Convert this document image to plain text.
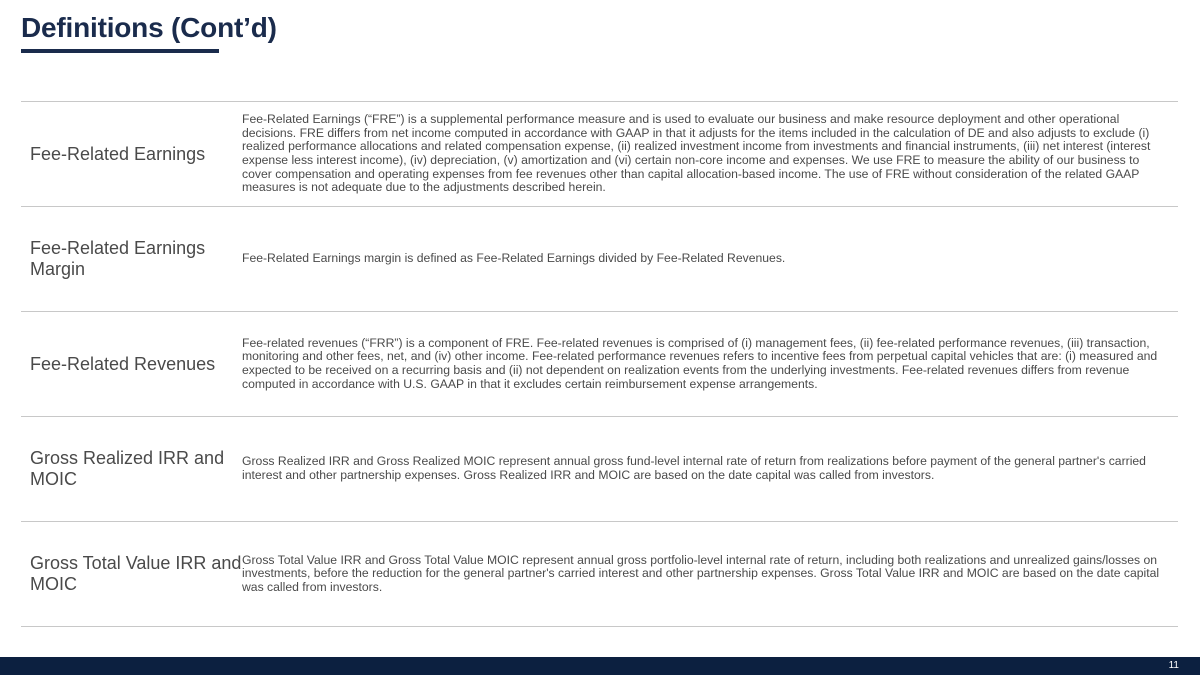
Definitions (Cont’d)
Fee-Related Earnings
Fee-Related Earnings (“FRE”) is a supplemental performance measure and is used to evaluate our business and make resource deployment and other operational decisions. FRE differs from net income computed in accordance with GAAP in that it adjusts for the items included in the calculation of DE and also adjusts to exclude (i) realized performance allocations and related compensation expense, (ii) realized investment income from investments and financial instruments, (iii) net interest (interest expense less interest income), (iv) depreciation, (v) amortization and (vi) certain non-core income and expenses. We use FRE to measure the ability of our business to cover compensation and operating expenses from fee revenues other than capital allocation-based income. The use of FRE without consideration of the related GAAP measures is not adequate due to the adjustments described herein.
Fee-Related Earnings Margin
Fee-Related Earnings margin is defined as Fee-Related Earnings divided by Fee-Related Revenues.
Fee-Related Revenues
Fee-related revenues (“FRR”) is a component of FRE. Fee-related revenues is comprised of (i) management fees, (ii) fee-related performance revenues, (iii) transaction, monitoring and other fees, net, and (iv) other income. Fee-related performance revenues refers to incentive fees from perpetual capital vehicles that are: (i) measured and expected to be received on a recurring basis and (ii) not dependent on realization events from the underlying investments. Fee-related revenues differs from revenue computed in accordance with U.S. GAAP in that it excludes certain reimbursement expense arrangements.
Gross Realized IRR and MOIC
Gross Realized IRR and Gross Realized MOIC represent annual gross fund-level internal rate of return from realizations before payment of the general partner's carried interest and other partnership expenses. Gross Realized IRR and MOIC are based on the date capital was called from investors.
Gross Total Value IRR and MOIC
Gross Total Value IRR and Gross Total Value MOIC represent annual gross portfolio-level internal rate of return, including both realizations and unrealized gains/losses on investments, before the reduction for the general partner's carried interest and other partnership expenses. Gross Total Value IRR and MOIC are based on the date capital was called from investors.
11
